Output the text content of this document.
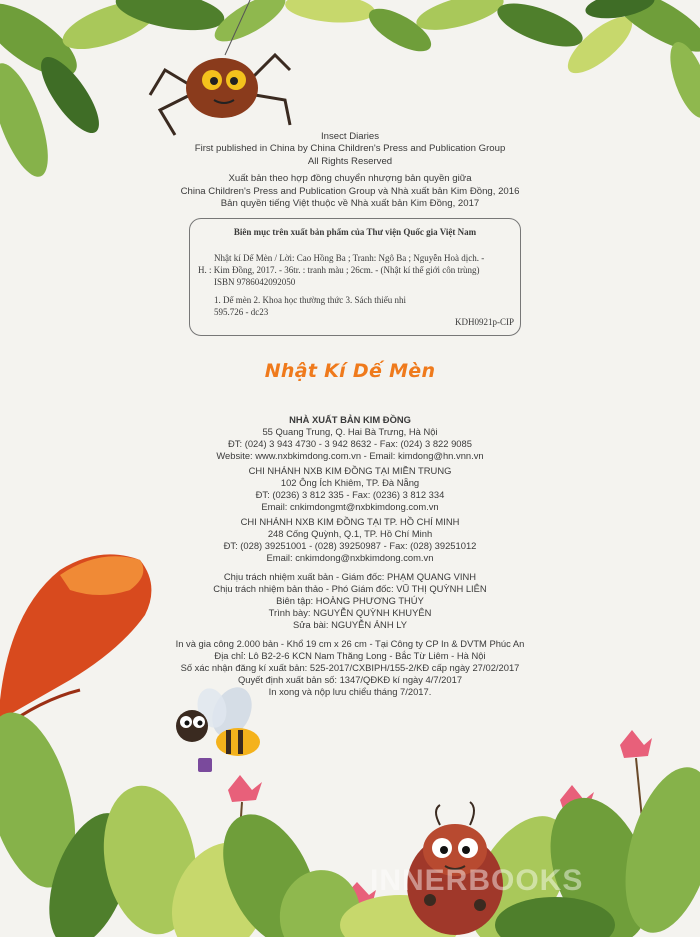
Insect Diaries
First published in China by China Children's Press and Publication Group
All Rights Reserved
Xuất bản theo hợp đồng chuyển nhượng bản quyền giữa
China Children's Press and Publication Group và Nhà xuất bản Kim Đồng, 2016
Bản quyền tiếng Việt thuộc về Nhà xuất bản Kim Đồng, 2017
Biên mục trên xuất bản phẩm của Thư viện Quốc gia Việt Nam
Nhật kí Dế Mèn / Lời: Cao Hồng Ba ; Tranh: Ngô Ba ; Nguyễn Hoà dịch. -
H. : Kim Đồng, 2017. - 36tr. : tranh màu ; 26cm. - (Nhật kí thế giới côn trùng)
ISBN 9786042092050
1. Dế mèn 2. Khoa học thường thức 3. Sách thiếu nhi
595.726 - dc23
KDH0921p-CIP
Nhật Kí Dế Mèn
NHÀ XUẤT BẢN KIM ĐỒNG
55 Quang Trung, Q. Hai Bà Trưng, Hà Nội
ĐT: (024) 3 943 4730 - 3 942 8632 - Fax: (024) 3 822 9085
Website: www.nxbkimdong.com.vn - Email: kimdong@hn.vnn.vn
CHI NHÁNH NXB KIM ĐỒNG TẠI MIỀN TRUNG
102 Ông Ích Khiêm, TP. Đà Nẵng
ĐT: (0236) 3 812 335 - Fax: (0236) 3 812 334
Email: cnkimdongmt@nxbkimdong.com.vn
CHI NHÁNH NXB KIM ĐỒNG TẠI TP. HỒ CHÍ MINH
248 Cống Quỳnh, Q.1, TP. Hồ Chí Minh
ĐT: (028) 39251001 - (028) 39250987 - Fax: (028) 39251012
Email: cnkimdong@nxbkimdong.com.vn
Chịu trách nhiệm xuất bản - Giám đốc: PHẠM QUANG VINH
Chịu trách nhiệm bản thảo - Phó Giám đốc: VŨ THỊ QUỲNH LIÊN
Biên tập: HOÀNG PHƯƠNG THÚY
Trình bày: NGUYỄN QUỲNH KHUYÊN
Sửa bài: NGUYỄN ÁNH LY
In và gia công 2.000 bản - Khổ 19 cm x 26 cm - Tại Công ty CP In & DVTM Phúc An
Địa chỉ: Lô B2-2-6 KCN Nam Thăng Long - Bắc Từ Liêm - Hà Nội
Số xác nhận đăng kí xuất bản: 525-2017/CXBIPH/155-2/KĐ cấp ngày 27/02/2017
Quyết định xuất bản số: 1347/QĐKĐ kí ngày 4/7/2017
In xong và nộp lưu chiểu tháng 7/2017.
INNERBOOKS
